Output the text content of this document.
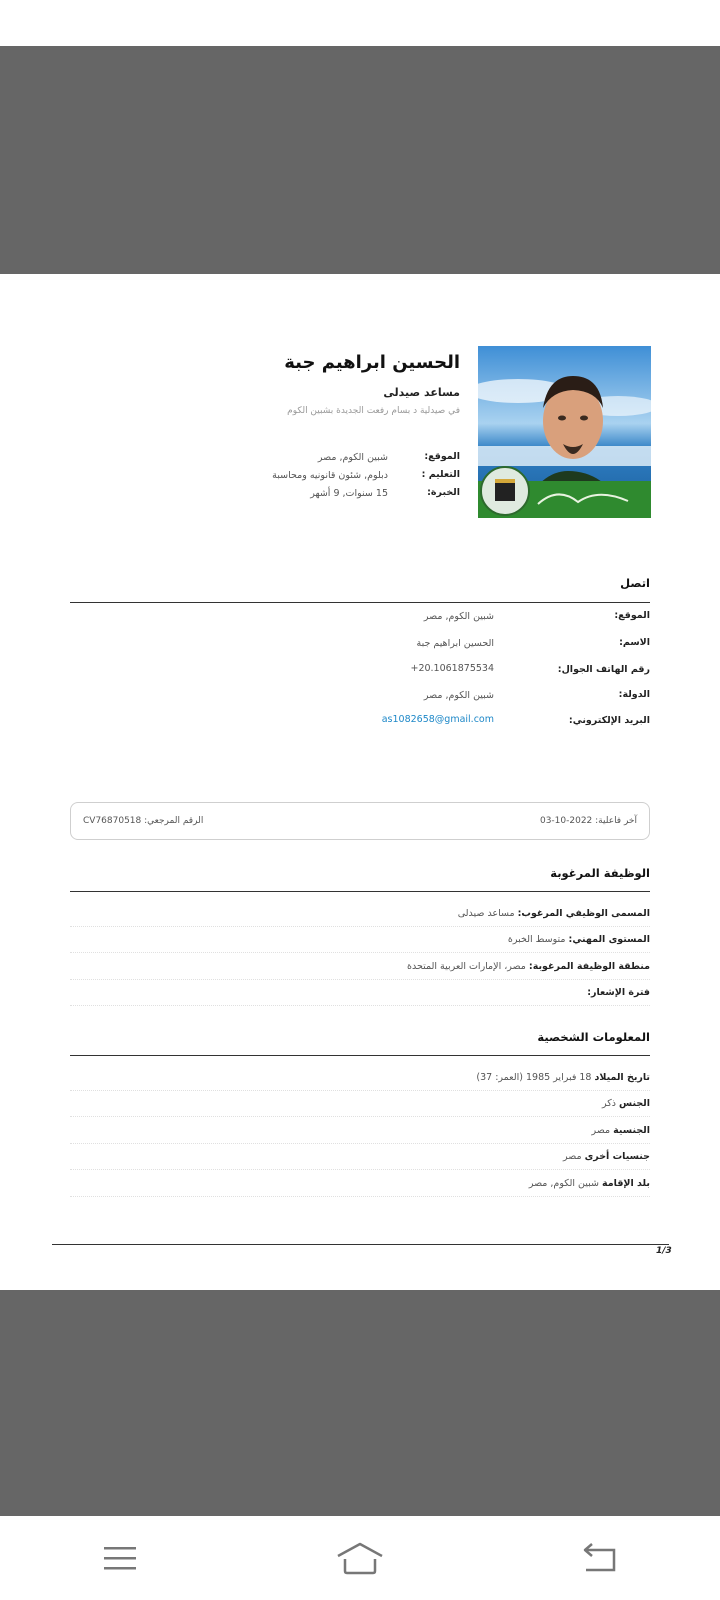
الحسين ابراهيم جبة
مساعد صيدلى
في صيدلية د بسام رفعت الجديدة بشبين الكوم
الموقع:
شبين الكوم, مصر
التعليم :
دبلوم, شئون قانونيه ومحاسبة
الخبرة:
15 سنوات, 9 أشهر
اتصل
الموقع:
شبين الكوم, مصر
الاسم:
الحسين ابراهيم جبة
رقم الهاتف الجوال:
+20.1061875534
الدولة:
شبين الكوم, مصر
البريد الإلكتروني:
as1082658@gmail.com
الرقم المرجعي: CV76870518	آخر فاعلية: 2022-10-03
الوظيفة المرغوبة
المسمى الوظيفي المرغوب: مساعد صيدلى
المستوى المهني: متوسط الخبرة
منطقة الوظيفة المرغوبة: مصر، الإمارات العربية المتحدة
فترة الإشعار:
المعلومات الشخصية
تاريخ الميلاد 18 فبراير 1985 (العمر: 37)
الجنس ذكر
الجنسية مصر
جنسيات أخرى مصر
بلد الإقامة شبين الكوم, مصر
1/3
